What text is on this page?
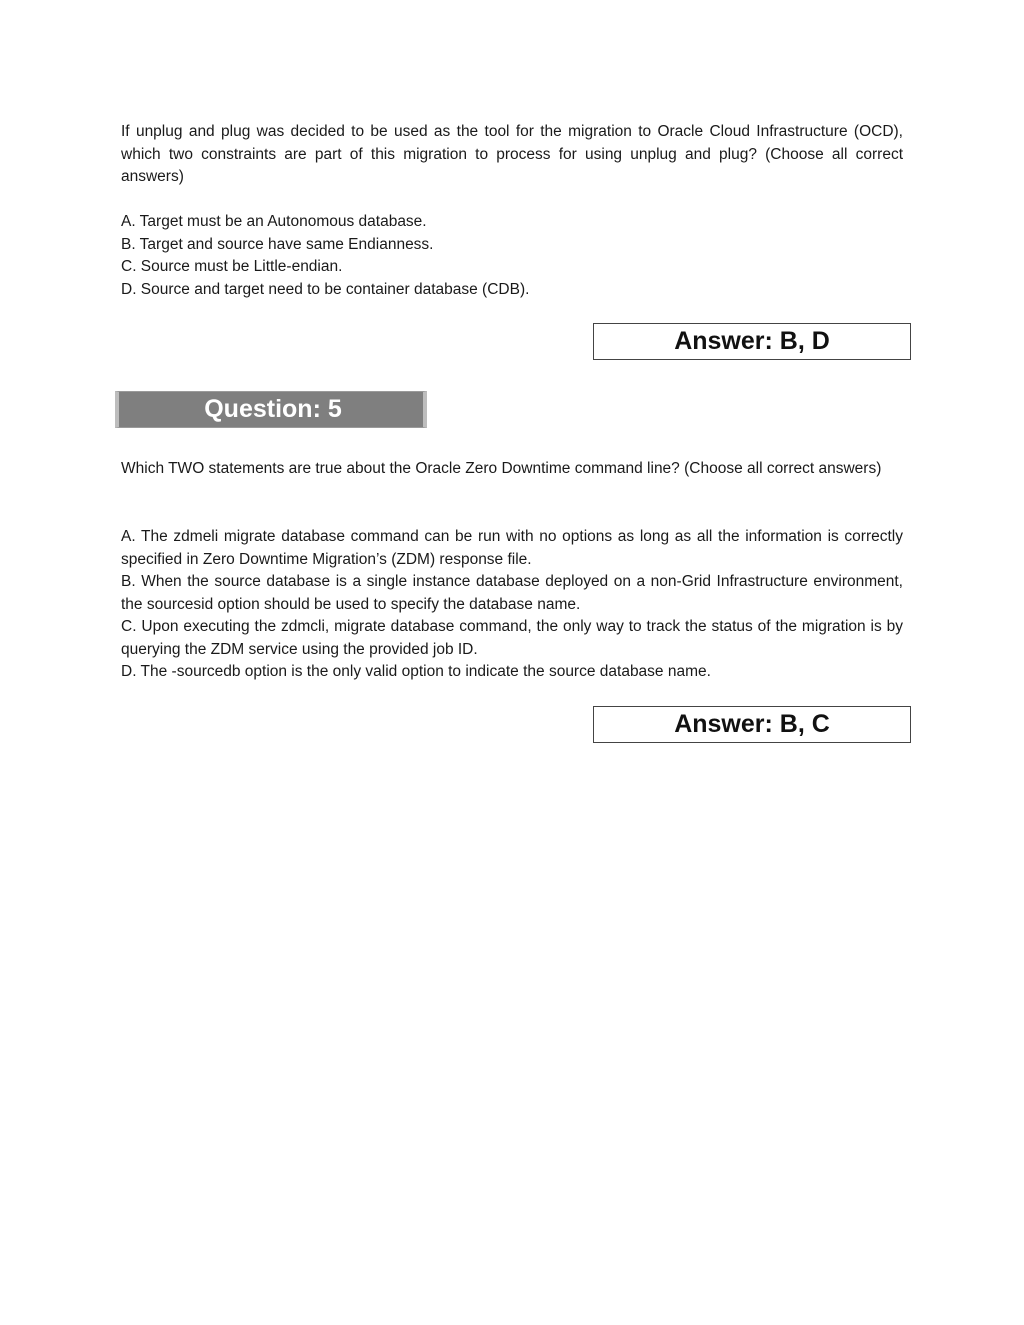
If unplug and plug was decided to be used as the tool for the migration to Oracle Cloud Infrastructure (OCD), which two constraints are part of this migration to process for using unplug and plug? (Choose all correct answers)

A. Target must be an Autonomous database.
B. Target and source have same Endianness.
C. Source must be Little-endian.
D. Source and target need to be container database (CDB).
Answer: B, D
Question: 5

Which TWO statements are true about the Oracle Zero Downtime command line? (Choose all correct answers)

A. The zdmeli migrate database command can be run with no options as long as all the information is correctly specified in Zero Downtime Migration’s (ZDM) response file.
B. When the source database is a single instance database deployed on a non-Grid Infrastructure environment, the sourcesid option should be used to specify the database name.
C. Upon executing the zdmcli, migrate database command, the only way to track the status of the migration is by querying the ZDM service using the provided job ID.
D. The -sourcedb option is the only valid option to indicate the source database name.
Answer: B, C
